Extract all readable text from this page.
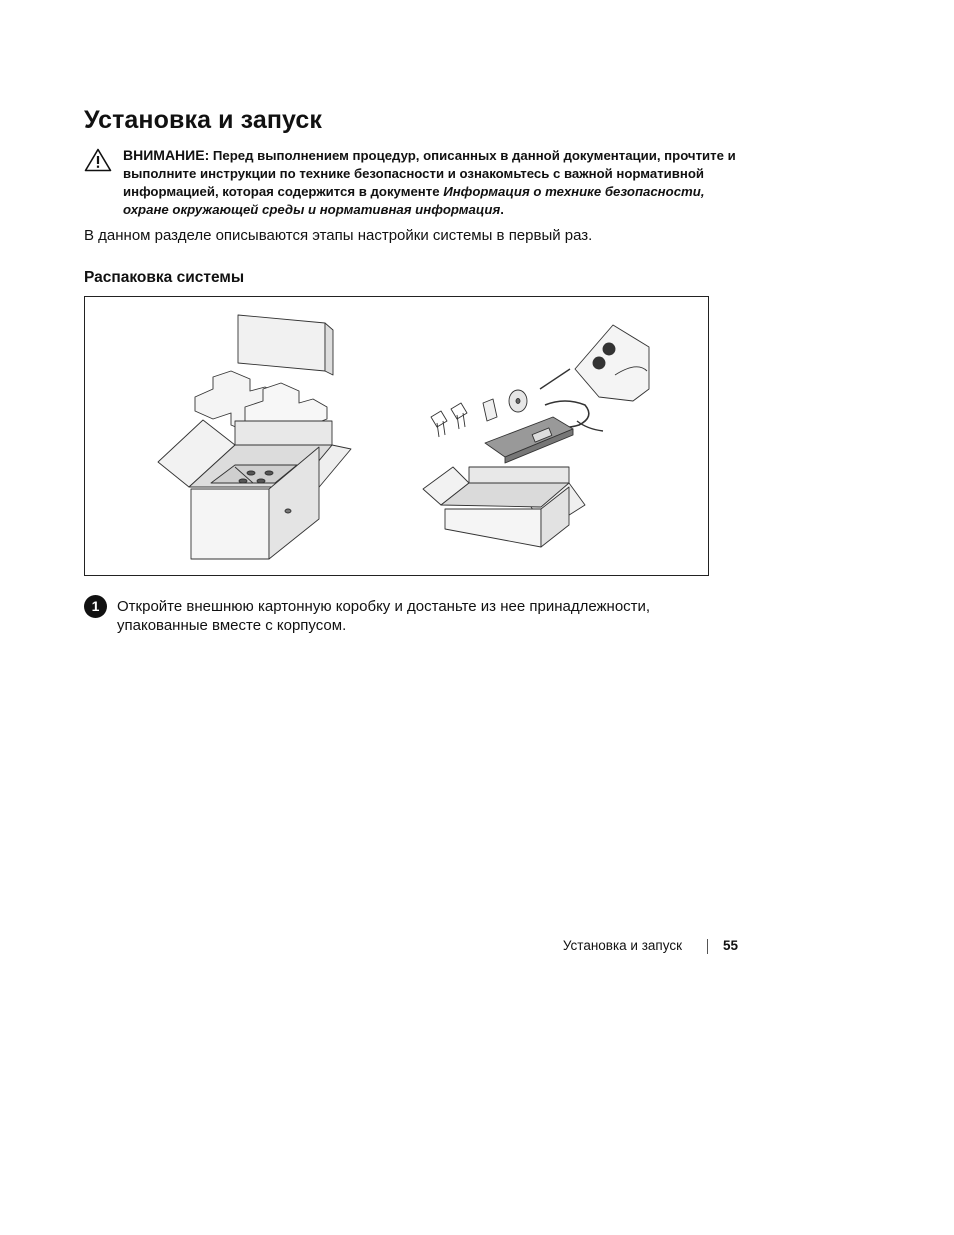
Установка и запуск
ВНИМАНИЕ: Перед выполнением процедур, описанных в данной документации, прочтите и выполните инструкции по технике безопасности и ознакомьтесь с важной нормативной информацией, которая содержится в документе Информация о технике безопасности, охране окружающей среды и нормативная информация.

В данном разделе описываются этапы настройки системы в первый раз.

Распаковка системы
1	Откройте внешнюю картонную коробку и достаньте из нее принадлежности, упакованные вместе с корпусом.

Установка и запуск	55
